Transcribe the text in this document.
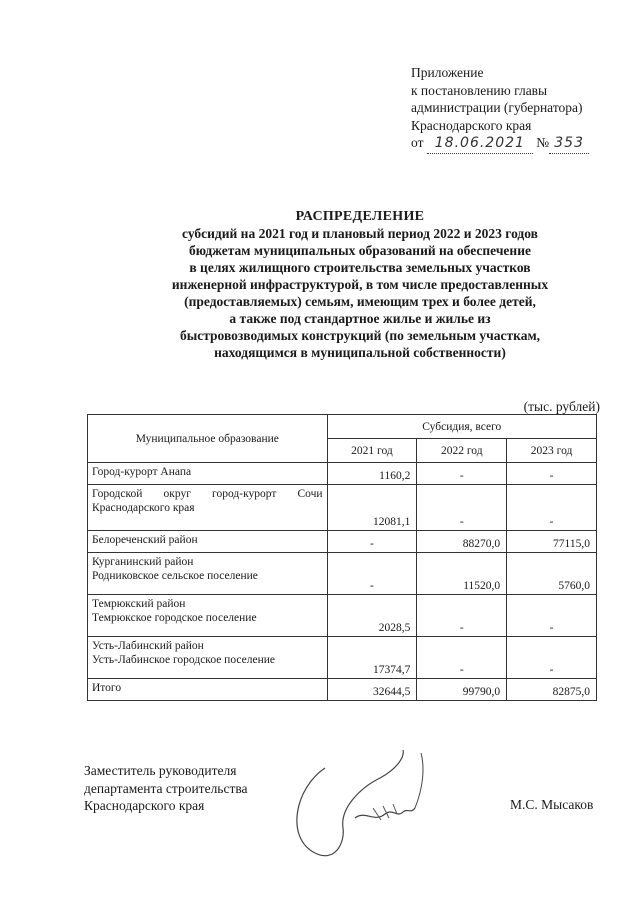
Приложение
к постановлению главы
администрации (губернатора)
Краснодарского края
от 18.06.2021 № 353
РАСПРЕДЕЛЕНИЕ
субсидий на 2021 год и плановый период 2022 и 2023 годов
бюджетам муниципальных образований на обеспечение
в целях жилищного строительства земельных участков
инженерной инфраструктурой, в том числе предоставленных
(предоставляемых) семьям, имеющим трех и более детей,
а также под стандартное жилье и жилье из
быстровозводимых конструкций (по земельным участкам,
находящимся в муниципальной собственности)
(тыс. рублей)
Муниципальное образование	Субсидия, всего		
	2021 год	2022 год	2023 год

Город-курорт Анапа	1160,2	-	-

Городской округ город-курорт Сочи
Краснодарского края	12081,1	-	-

Белореченский район	-	88270,0	77115,0

Курганинский район
Родниковское сельское поселение	-	11520,0	5760,0

Темрюкский район
Темрюкское городское поселение	2028,5	-	-

Усть-Лабинский район
Усть-Лабинское городское поселение	17374,7	-	-
Итого	32644,5	99790,0	82875,0
Заместитель руководителя
департамента строительства
Краснодарского края	М.С. Мысаков
